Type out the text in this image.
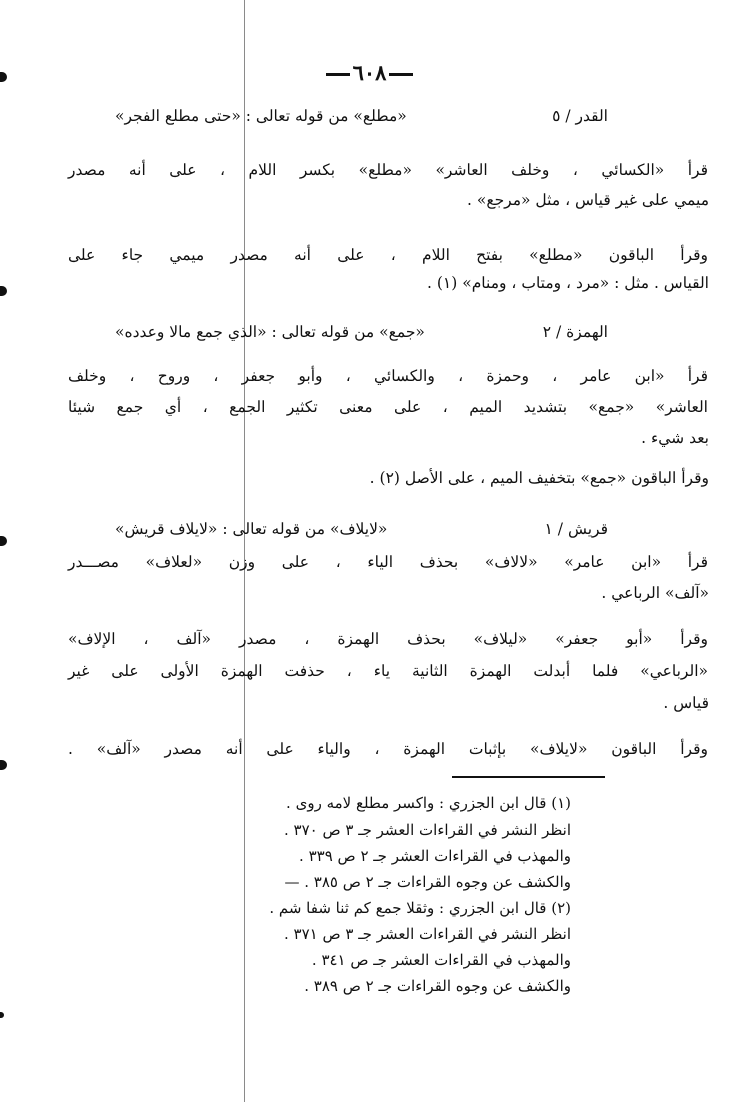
٦٠٨
«مطلع» من قوله تعالى : «حتى مطلع الفجر»	القدر / ٥
قرأ «الكسائي ، وخلف العاشر» «مطلع» بكسر اللام ، على أنه مصدر
ميمي على غير قياس ، مثل «مرجع» .
وقرأ الباقون «مطلع» بفتح اللام ، على أنه مصدر ميمي جاء على
القياس . مثل : «مرد ، ومتاب ، ومنام» (١) .
«جمع» من قوله تعالى : «الذي جمع مالا وعدده»	الهمزة / ٢
قرأ «ابن عامر ، وحمزة ، والكسائي ، وأبو جعفر ، وروح ، وخلف
العاشر» «جمع» بتشديد الميم ، على معنى تكثير الجمع ، أي جمع شيئا
بعد شيء .
وقرأ الباقون «جمع» بتخفيف الميم ، على الأصل (٢) .
«لايلاف» من قوله تعالى : «لايلاف قريش»	قريش / ١
قرأ «ابن عامر» «لالاف» بحذف الياء ، على وزن «لعلاف» مصـــدر
«آلف» الرباعي .
وقرأ «أبو جعفر» «ليلاف» بحذف الهمزة ، مصدر «آلف ، الإلاف»
«الرباعي» فلما أبدلت الهمزة الثانية ياء ، حذفت الهمزة الأولى على غير
قياس .
وقرأ الباقون «لايلاف» بإثبات الهمزة ، والياء على أنه مصدر «آلف» .
(١) قال ابن الجزري : واكسر مطلع لامه روى .
انظر النشر في القراءات العشر جـ ٣ ص ٣٧٠ .
والمهذب في القراءات العشر جـ ٢ ص ٣٣٩ .
والكشف عن وجوه القراءات جـ ٢ ص ٣٨٥ . —
(٢) قال ابن الجزري : وثقلا جمع كم ثنا شفا شم .
انظر النشر في القراءات العشر جـ ٣ ص ٣٧١ .
والمهذب في القراءات العشر جـ ص ٣٤١ .
والكشف عن وجوه القراءات جـ ٢ ص ٣٨٩ .
